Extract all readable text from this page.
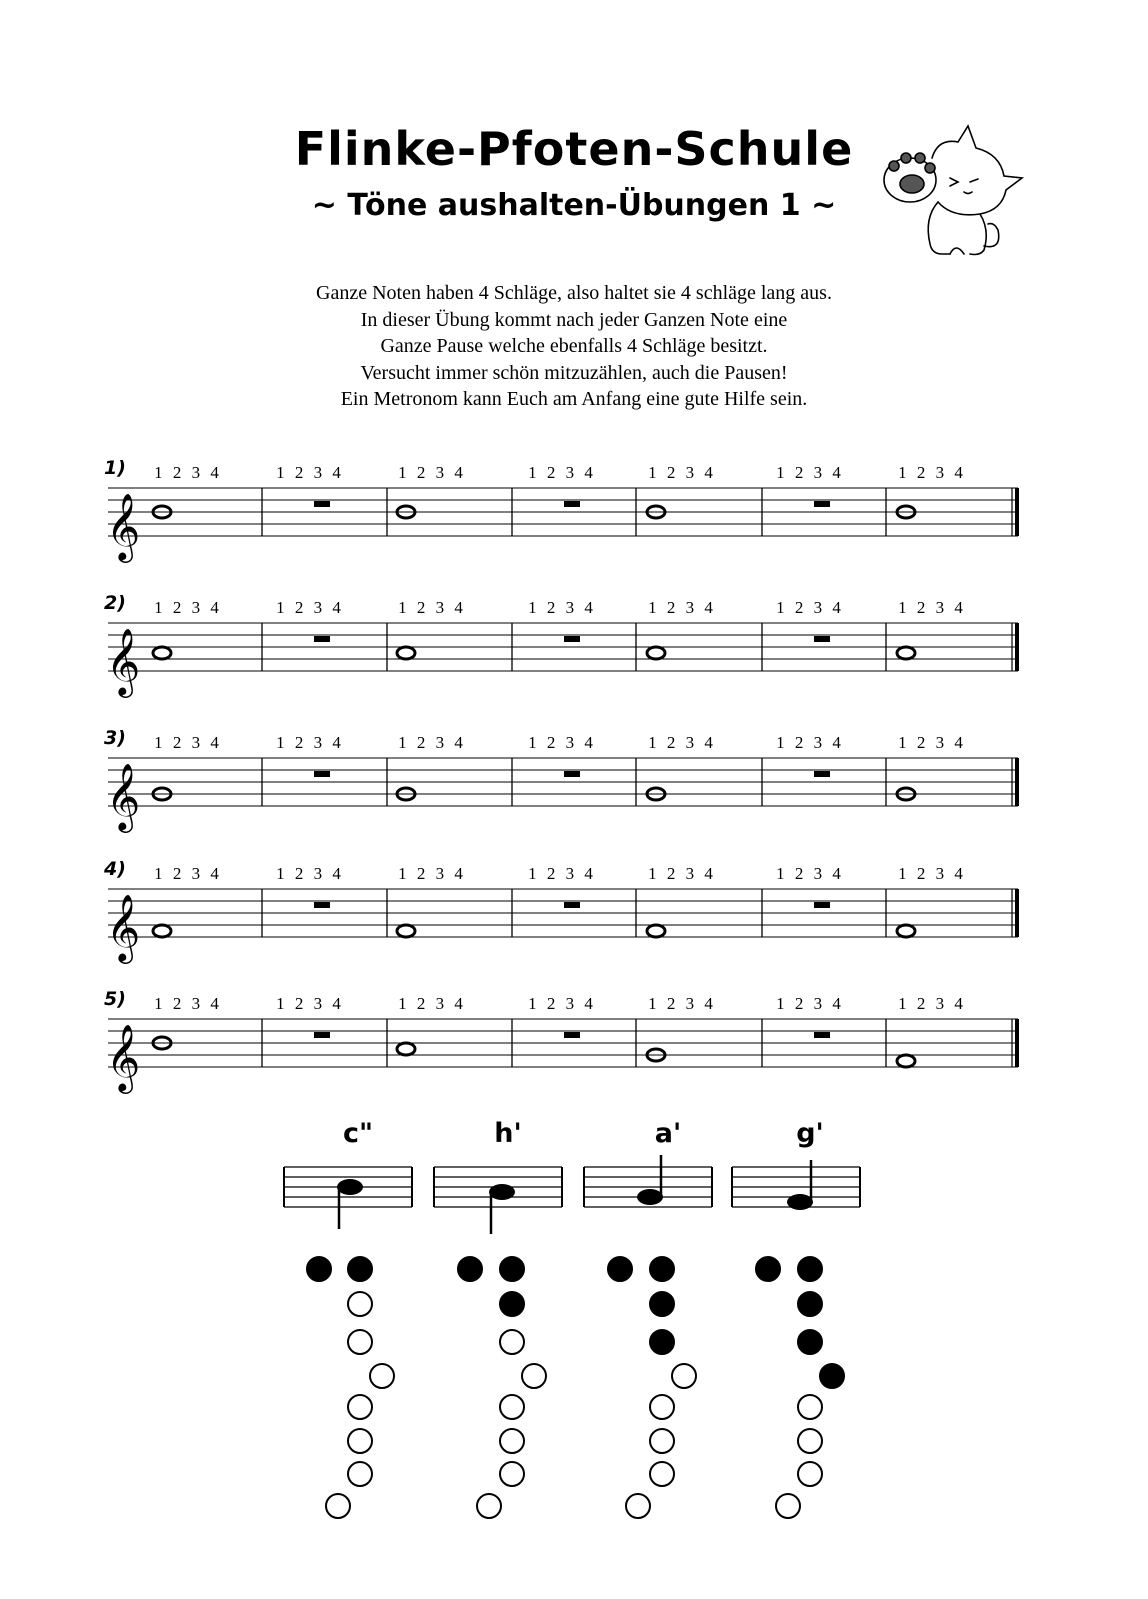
Flinke-Pfoten-Schule
~ Töne aushalten-Übungen 1 ~

Ganze Noten haben 4 Schläge, also haltet sie 4 schläge lang aus.

In dieser Übung kommt nach jeder Ganzen Note eine

Ganze Pause welche ebenfalls 4 Schläge besitzt.

Versucht immer schön mitzuzählen, auch die Pausen!

Ein Metronom kann Euch am Anfang eine gute Hilfe sein.

1) 1 2 3 4	1 2 3 4	1 2 3 4	1 2 3 4	1 2 3 4	1 2 3 4	1 2 3 4
𝄞
2) 1 2 3 4	1 2 3 4	1 2 3 4	1 2 3 4	1 2 3 4	1 2 3 4	1 2 3 4
𝄞
3) 1 2 3 4	1 2 3 4	1 2 3 4	1 2 3 4	1 2 3 4	1 2 3 4	1 2 3 4
𝄞
4) 1 2 3 4	1 2 3 4	1 2 3 4	1 2 3 4	1 2 3 4	1 2 3 4	1 2 3 4
𝄞
5) 1 2 3 4	1 2 3 4	1 2 3 4	1 2 3 4	1 2 3 4	1 2 3 4	1 2 3 4
𝄞
c"	h'	a'	g'
